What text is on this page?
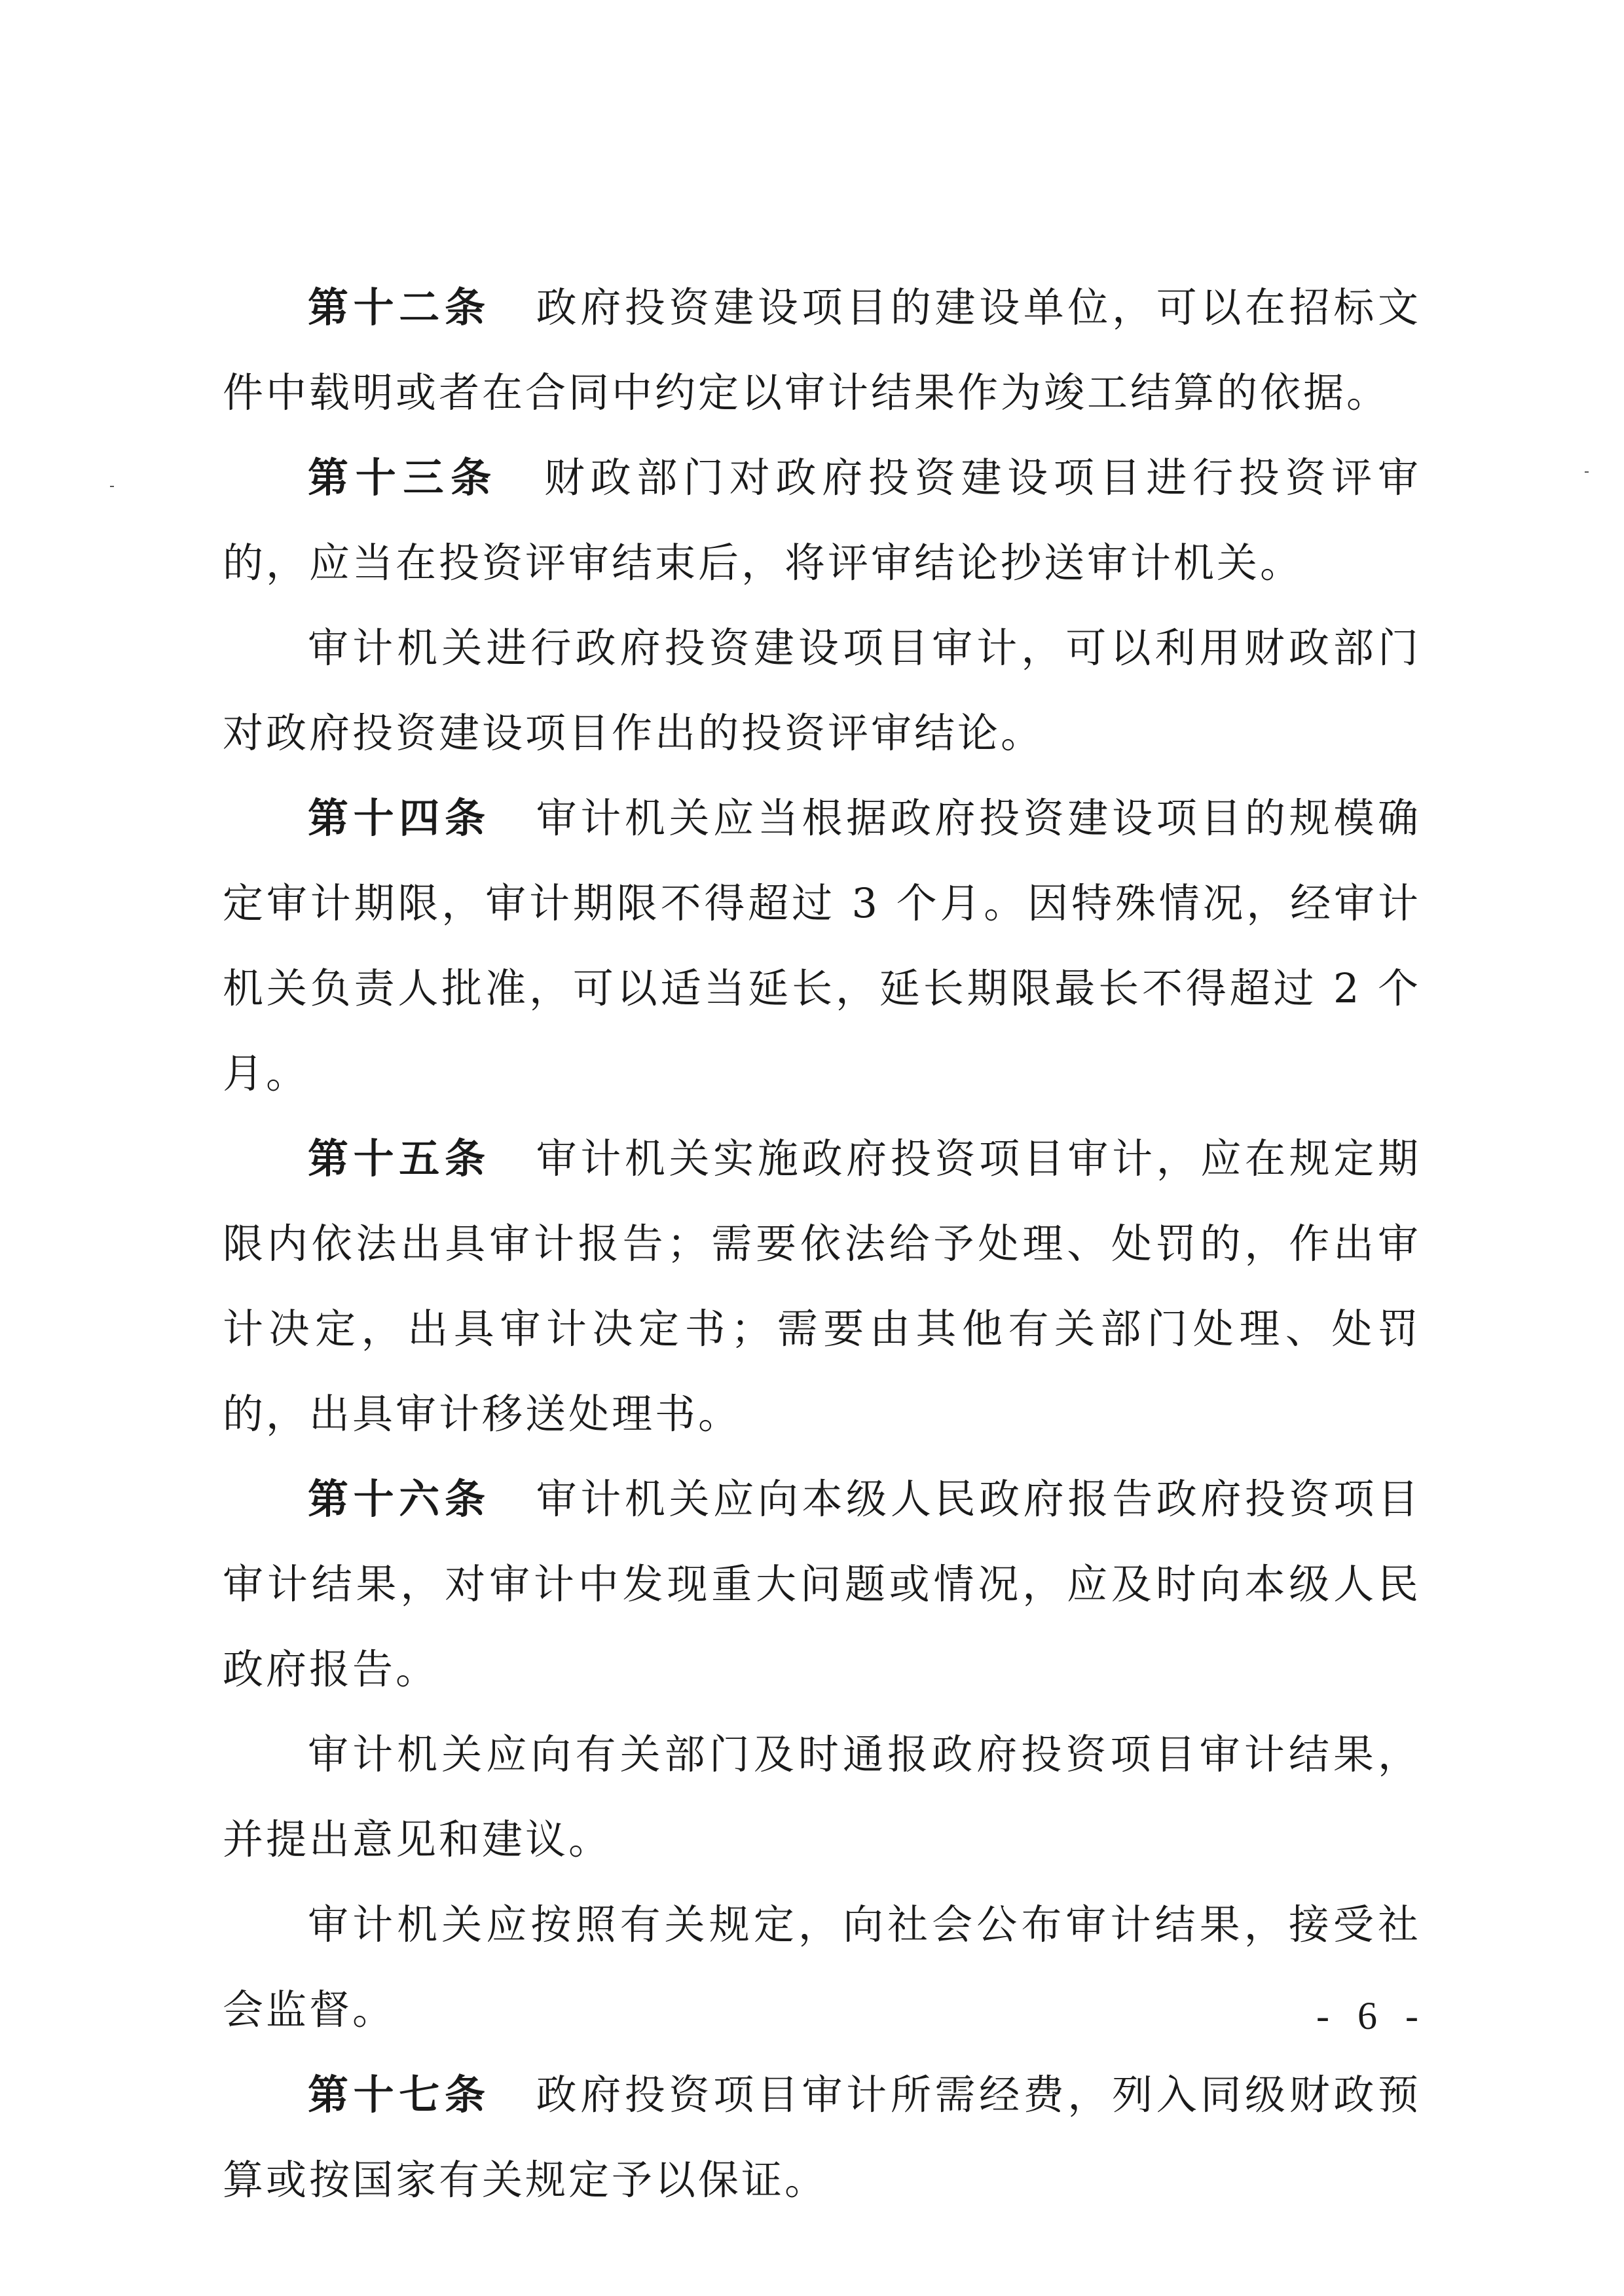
第十二条 政府投资建设项目的建设单位，可以在招标文件中载明或者在合同中约定以审计结果作为竣工结算的依据。

第十三条 财政部门对政府投资建设项目进行投资评审的，应当在投资评审结束后，将评审结论抄送审计机关。

审计机关进行政府投资建设项目审计，可以利用财政部门对政府投资建设项目作出的投资评审结论。

第十四条 审计机关应当根据政府投资建设项目的规模确定审计期限，审计期限不得超过 3 个月。因特殊情况，经审计机关负责人批准，可以适当延长，延长期限最长不得超过 2 个月。

第十五条 审计机关实施政府投资项目审计，应在规定期限内依法出具审计报告；需要依法给予处理、处罚的，作出审计决定，出具审计决定书；需要由其他有关部门处理、处罚的，出具审计移送处理书。

第十六条 审计机关应向本级人民政府报告政府投资项目审计结果，对审计中发现重大问题或情况，应及时向本级人民政府报告。

审计机关应向有关部门及时通报政府投资项目审计结果，并提出意见和建议。

审计机关应按照有关规定，向社会公布审计结果，接受社会监督。

第十七条 政府投资项目审计所需经费，列入同级财政预算或按国家有关规定予以保证。

- 6 -
